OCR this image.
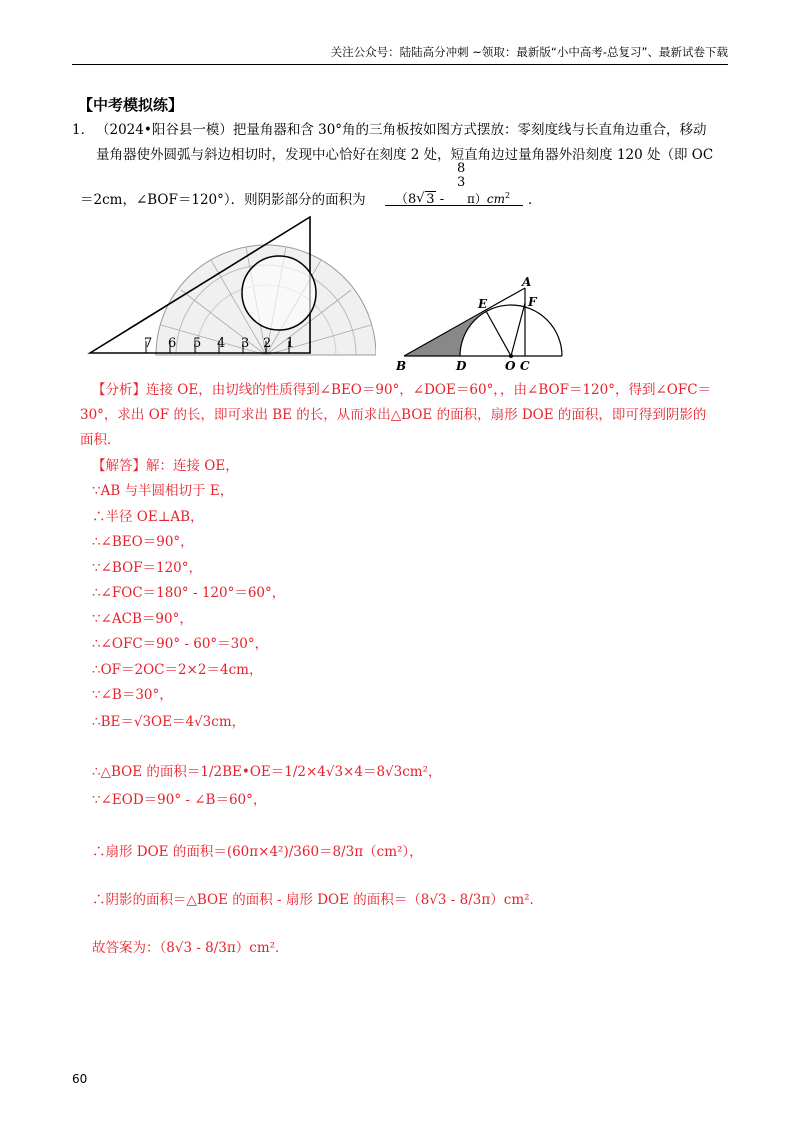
关注公众号：陆陆高分冲刺 ~领取：最新版“小中高考-总复习”、最新试卷下载
【中考模拟练】
1． （2024•阳谷县一模）把量角器和含 30°角的三角板按如图方式摆放：零刻度线与长直角边重合，移动
量角器使外圆弧与斜边相切时，发现中心恰好在刻度 2 处，短直角边过量角器外沿刻度 120 处（即 OC
＝2cm，∠BOF＝120°）．则阴影部分的面积为 （8√ 3 -
8
3
$\pi)cm^2$ ．
7 6 5 4 3 2 1
A
E	F
B	D	O C
【分析】连接 OE，由切线的性质得到∠BEO＝90°，∠DOE＝60°，，由∠BOF＝120°，得到∠OFC＝
30°，求出 OF 的长，即可求出 BE 的长，从而求出△BOE 的面积，扇形 DOE 的面积，即可得到阴影的
面积．
【解答】解：连接 OE，
∵AB 与半圆相切于 E，
∴半径 OE⊥AB，
∴∠BEO＝90°，
∵∠BOF＝120°，
∴∠FOC＝180° - 120°＝60°，
∵∠ACB＝90°，
∴∠OFC＝90° - 60°＝30°，
∴OF＝2OC＝2×2＝4cm，
∵∠B＝30°，
∴BE＝√3OE＝4√3cm，
∴△BOE 的面积＝1/2BE•OE＝1/2×4√3×4＝8√3cm²，
∵∠EOD＝90° - ∠B＝60°，
∴扇形 DOE 的面积＝(60π×4²)/360＝8/3π（cm²），
∴阴影的面积＝△BOE 的面积 - 扇形 DOE 的面积＝（8√3 - 8/3π）cm²．
故答案为：（8√3 - 8/3π）cm²．
60
